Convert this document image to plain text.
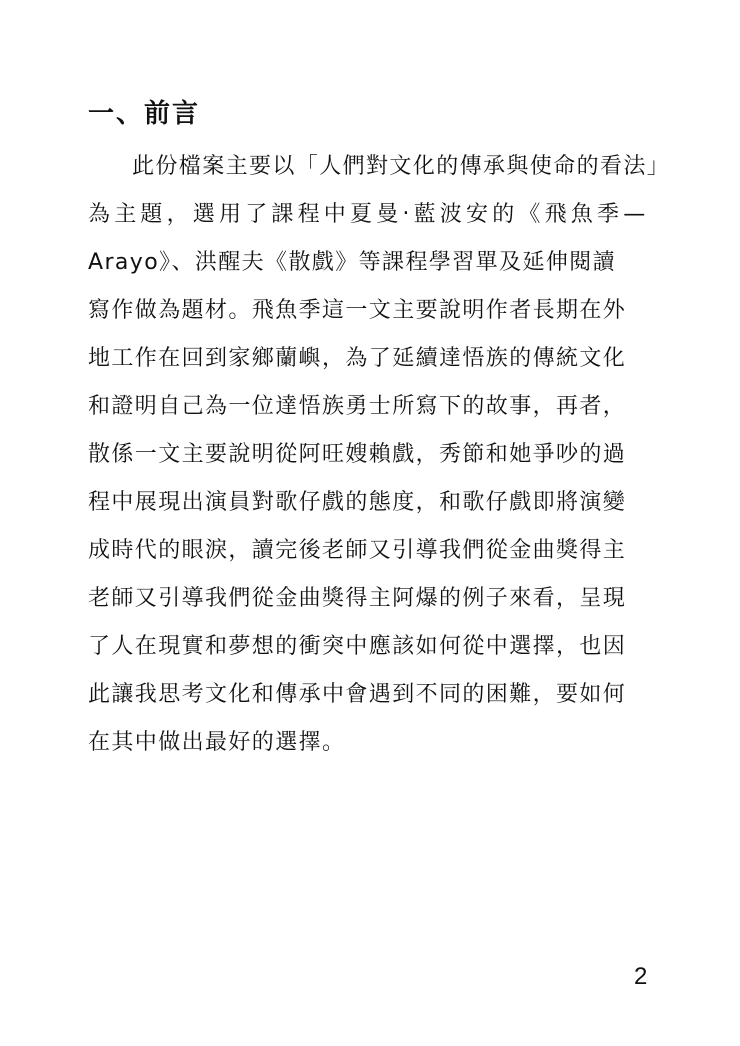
一、前言
此份檔案主要以「人們對文化的傳承與使命的看法」
為主題，選用了課程中夏曼‧藍波安的《飛魚季—
Arayo》、洪醒夫《散戲》等課程學習單及延伸閱讀
寫作做為題材。飛魚季這一文主要說明作者長期在外
地工作在回到家鄉蘭嶼，為了延續達悟族的傳統文化
和證明自己為一位達悟族勇士所寫下的故事，再者，
散係一文主要說明從阿旺嫂賴戲，秀節和她爭吵的過
程中展現出演員對歌仔戲的態度，和歌仔戲即將演變
成時代的眼淚，讀完後老師又引導我們從金曲獎得主
老師又引導我們從金曲獎得主阿爆的例子來看，呈現
了人在現實和夢想的衝突中應該如何從中選擇，也因
此讓我思考文化和傳承中會遇到不同的困難，要如何
在其中做出最好的選擇。
2
